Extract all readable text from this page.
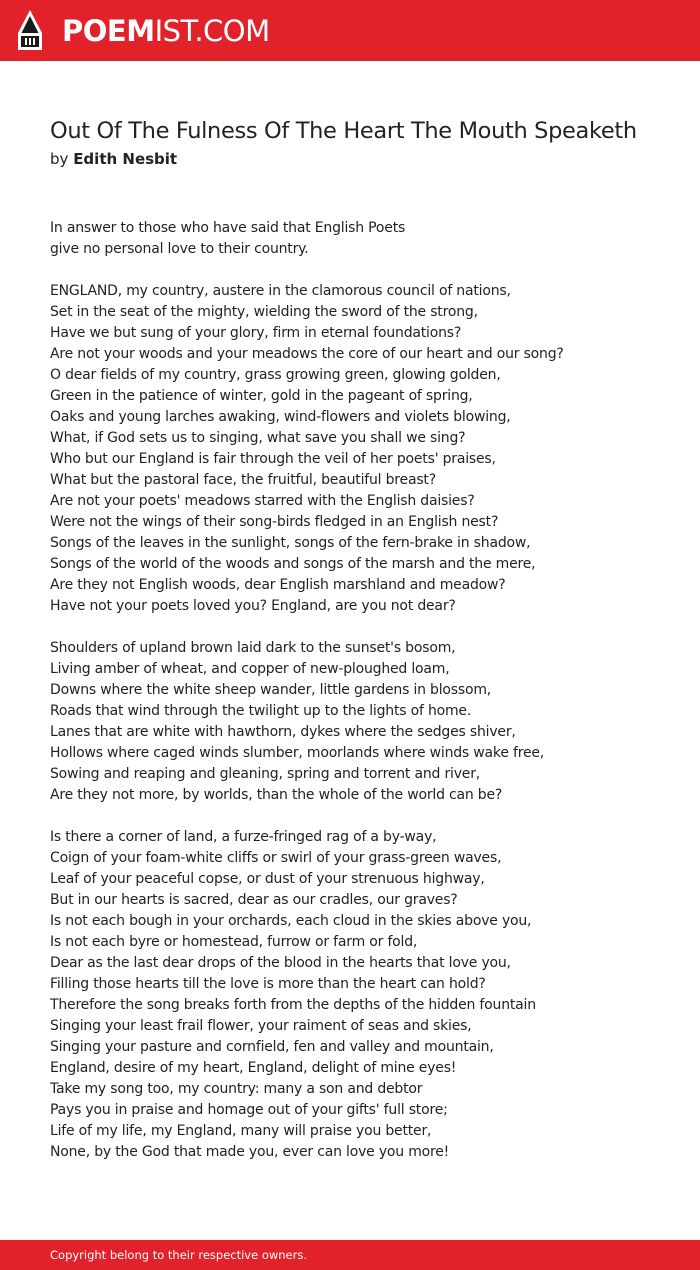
POEMIST.COM
Out Of The Fulness Of The Heart The Mouth Speaketh
by Edith Nesbit
In answer to those who have said that English Poets
give no personal love to their country.
ENGLAND, my country, austere in the clamorous council of nations,
Set in the seat of the mighty, wielding the sword of the strong,
Have we but sung of your glory, firm in eternal foundations?
Are not your woods and your meadows the core of our heart and our song?
O dear fields of my country, grass growing green, glowing golden,
Green in the patience of winter, gold in the pageant of spring,
Oaks and young larches awaking, wind-flowers and violets blowing,
What, if God sets us to singing, what save you shall we sing?
Who but our England is fair through the veil of her poets' praises,
What but the pastoral face, the fruitful, beautiful breast?
Are not your poets' meadows starred with the English daisies?
Were not the wings of their song-birds fledged in an English nest?
Songs of the leaves in the sunlight, songs of the fern-brake in shadow,
Songs of the world of the woods and songs of the marsh and the mere,
Are they not English woods, dear English marshland and meadow?
Have not your poets loved you? England, are you not dear?
Shoulders of upland brown laid dark to the sunset's bosom,
Living amber of wheat, and copper of new-ploughed loam,
Downs where the white sheep wander, little gardens in blossom,
Roads that wind through the twilight up to the lights of home.
Lanes that are white with hawthorn, dykes where the sedges shiver,
Hollows where caged winds slumber, moorlands where winds wake free,
Sowing and reaping and gleaning, spring and torrent and river,
Are they not more, by worlds, than the whole of the world can be?
Is there a corner of land, a furze-fringed rag of a by-way,
Coign of your foam-white cliffs or swirl of your grass-green waves,
Leaf of your peaceful copse, or dust of your strenuous highway,
But in our hearts is sacred, dear as our cradles, our graves?
Is not each bough in your orchards, each cloud in the skies above you,
Is not each byre or homestead, furrow or farm or fold,
Dear as the last dear drops of the blood in the hearts that love you,
Filling those hearts till the love is more than the heart can hold?
Therefore the song breaks forth from the depths of the hidden fountain
Singing your least frail flower, your raiment of seas and skies,
Singing your pasture and cornfield, fen and valley and mountain,
England, desire of my heart, England, delight of mine eyes!
Take my song too, my country: many a son and debtor
Pays you in praise and homage out of your gifts' full store;
Life of my life, my England, many will praise you better,
None, by the God that made you, ever can love you more!
Copyright belong to their respective owners.
